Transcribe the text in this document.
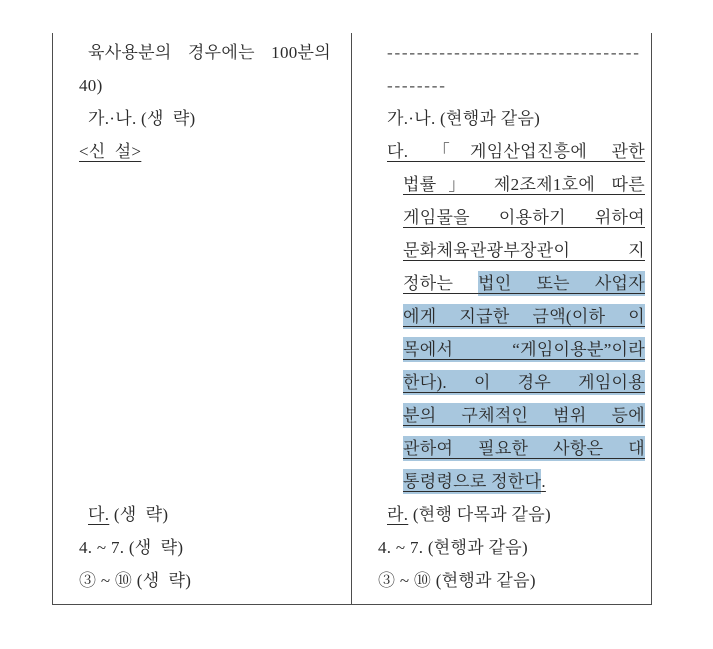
육사용분의 경우에는 100분의
40)
가.·나. (생  략)
<신  설>
다. (생  략)
4. ~ 7. (생  략)
③ ~ ⑩ (생  략)
----------------------------------
--------
가.·나. (현행과 같음)
다. 「게임산업진흥에 관한
법률」 제2조제1호에 따른
게임물을 이용하기 위하여
문화체육관광부장관이 지
정하는 법인 또는 사업자
에게 지급한 금액(이하 이
목에서 “게임이용분”이라
한다). 이 경우 게임이용
분의 구체적인 범위 등에
관하여 필요한 사항은 대
통령령으로 정한다.
라. (현행 다목과 같음)
4. ~ 7. (현행과 같음)
③ ~ ⑩ (현행과 같음)
